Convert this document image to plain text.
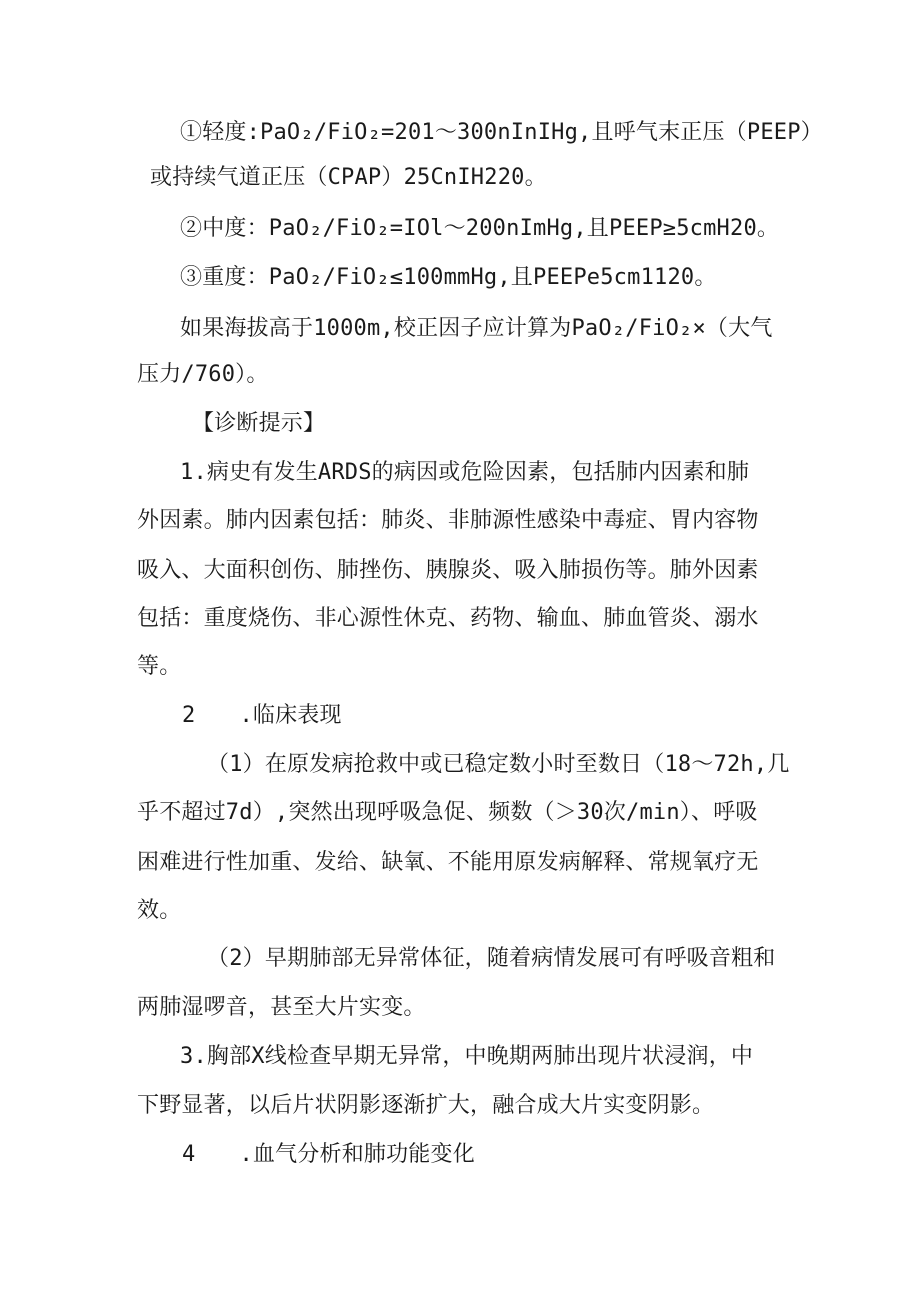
①轻度:PaO₂/FiO₂=201～300nInIHg,且呼气末正压（PEEP）
或持续气道正压（CPAP）25CnIH220。
②中度：PaO₂/FiO₂=IOl～200nImHg,且PEEP≥5cmH20。
③重度：PaO₂/FiO₂≤100mmHg,且PEEPe5cm1120。
如果海拔高于1000m,校正因子应计算为PaO₂/FiO₂×（大气
压力/760）。
【诊断提示】
1.病史有发生ARDS的病因或危险因素，包括肺内因素和肺
外因素。肺内因素包括：肺炎、非肺源性感染中毒症、胃内容物
吸入、大面积创伤、肺挫伤、胰腺炎、吸入肺损伤等。肺外因素
包括：重度烧伤、非心源性休克、药物、输血、肺血管炎、溺水
等。
2 .临床表现
（1）在原发病抢救中或已稳定数小时至数日（18～72h,几
乎不超过7d）,突然出现呼吸急促、频数（＞30次/min）、呼吸
困难进行性加重、发给、缺氧、不能用原发病解释、常规氧疗无
效。
（2）早期肺部无异常体征，随着病情发展可有呼吸音粗和
两肺湿啰音，甚至大片实变。
3.胸部X线检查早期无异常，中晚期两肺出现片状浸润，中
下野显著，以后片状阴影逐渐扩大，融合成大片实变阴影。
4 .血气分析和肺功能变化
